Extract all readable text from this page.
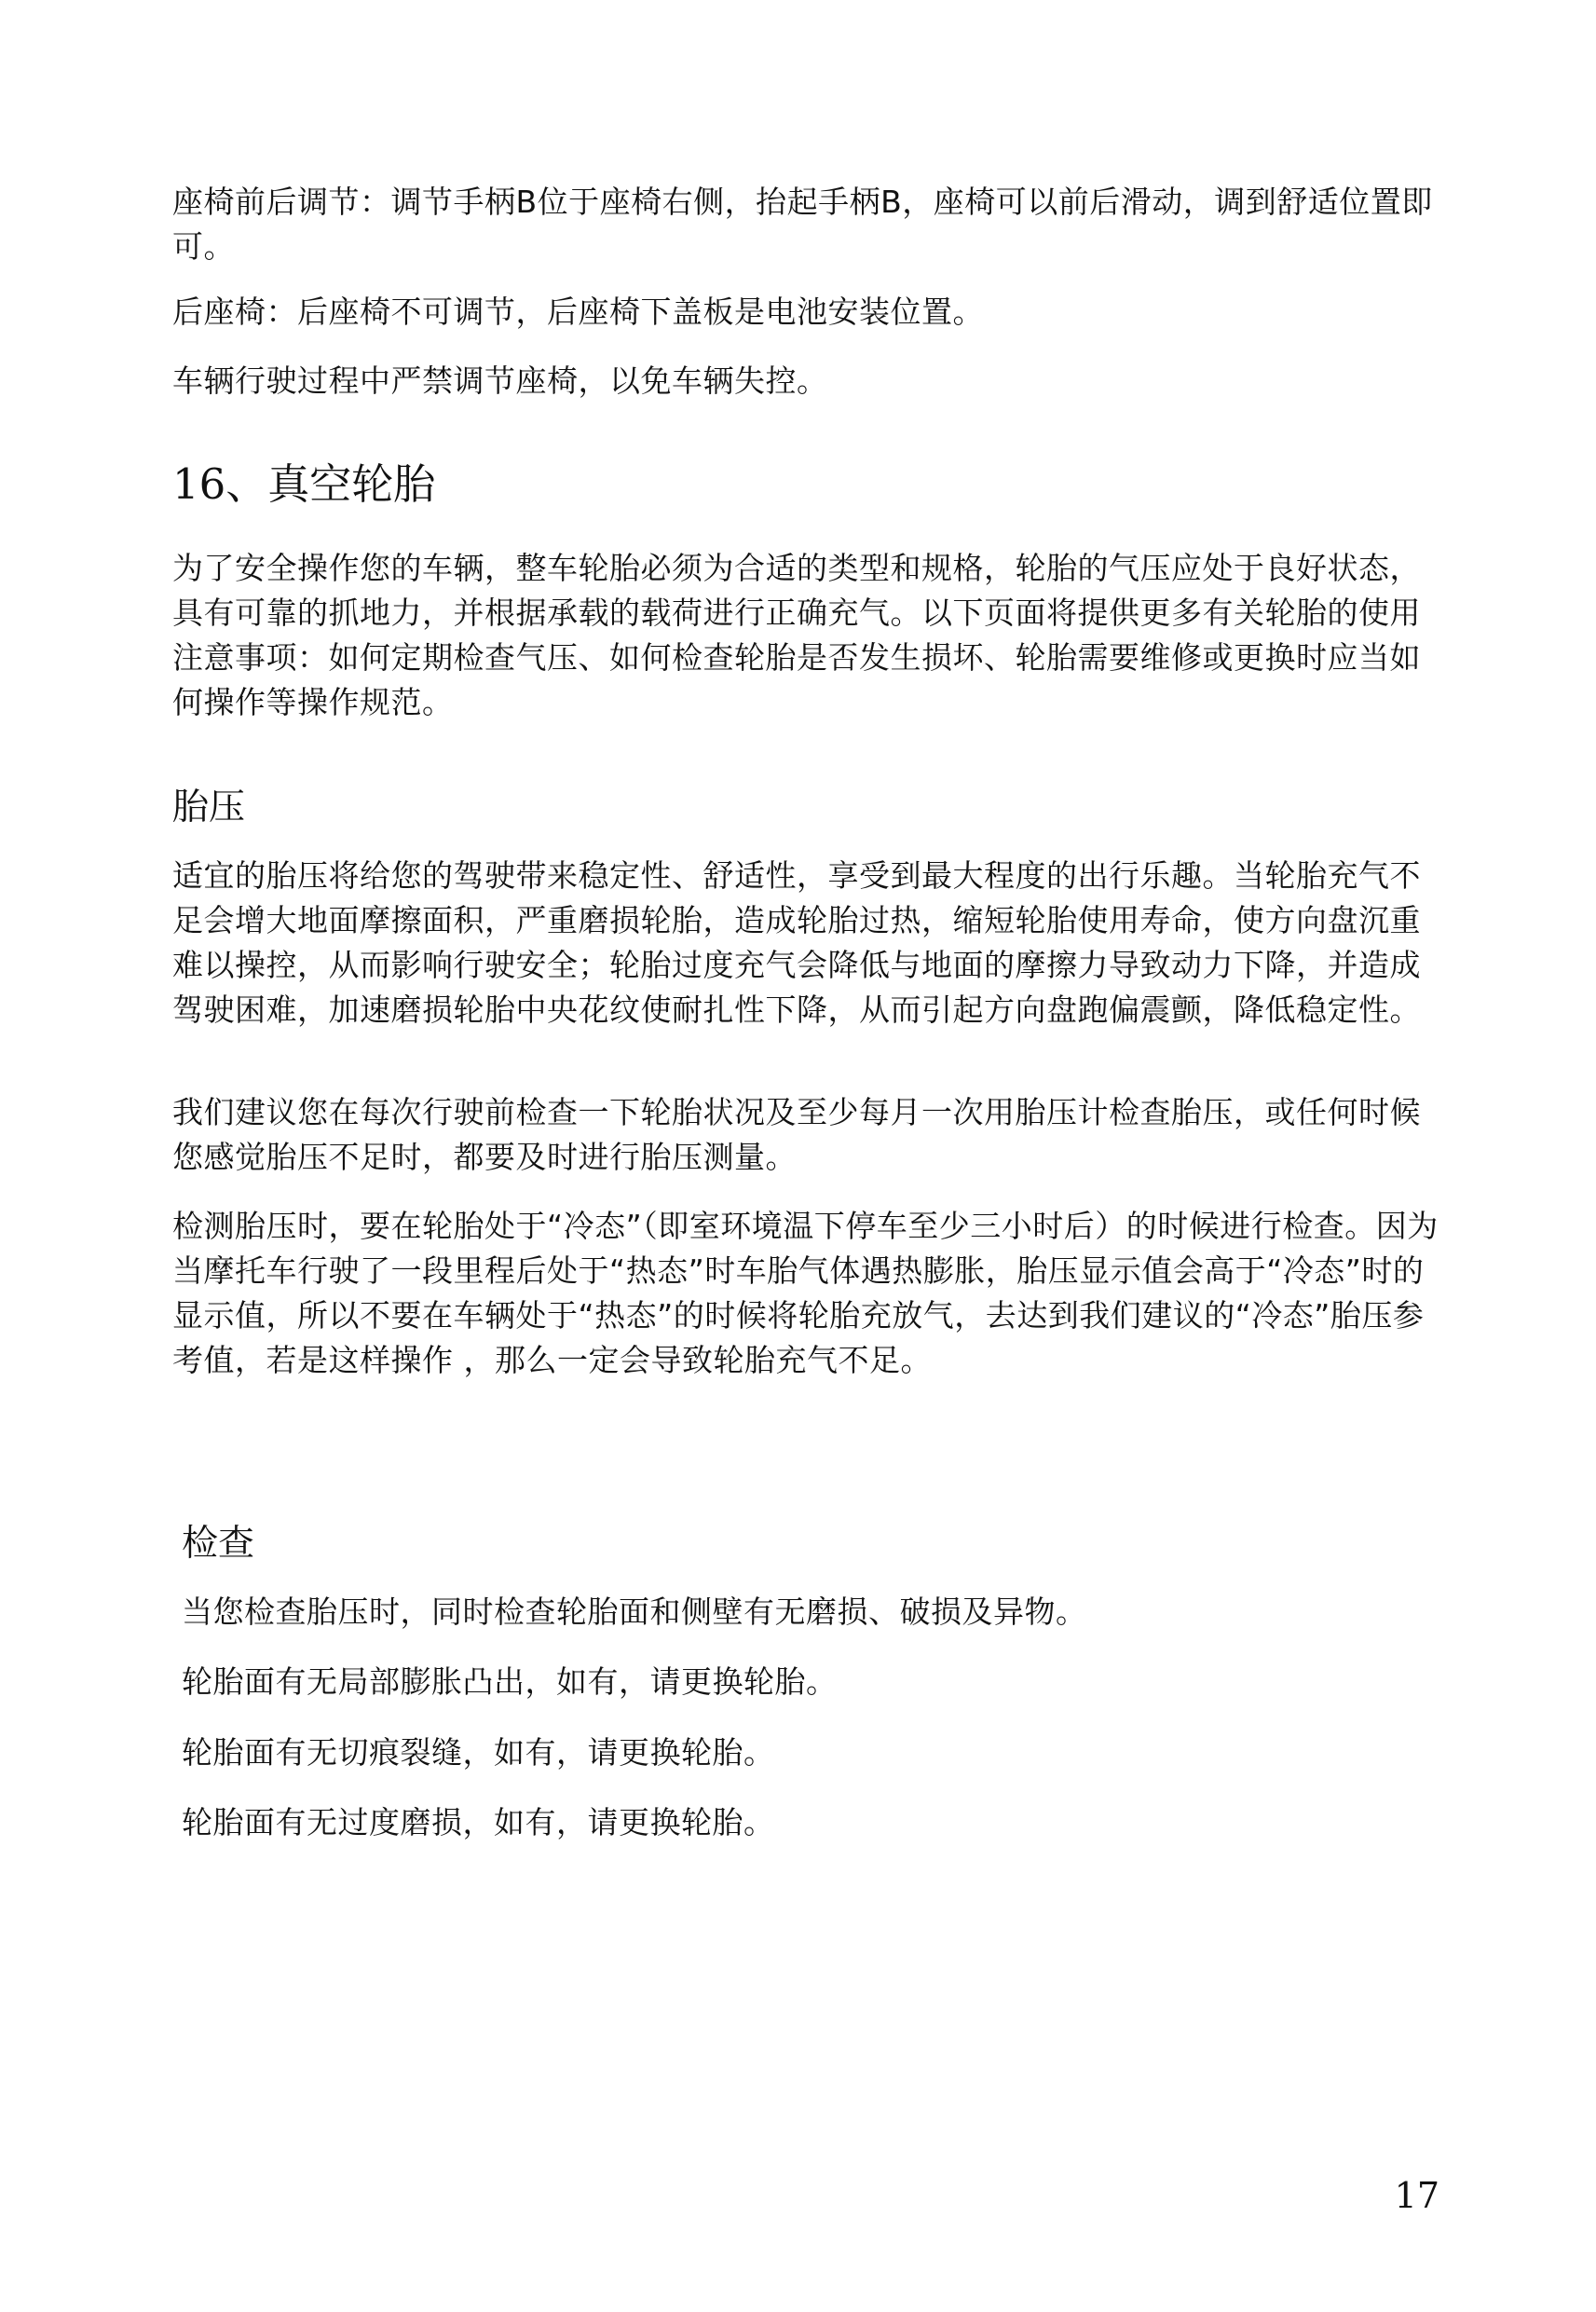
座椅前后调节：调节手柄B位于座椅右侧，抬起手柄B，座椅可以前后滑动，调到舒适位置即可。

后座椅：后座椅不可调节，后座椅下盖板是电池安装位置。

车辆行驶过程中严禁调节座椅，以免车辆失控。

16、真空轮胎

为了安全操作您的车辆，整车轮胎必须为合适的类型和规格，轮胎的气压应处于良好状态，具有可靠的抓地力，并根据承载的载荷进行正确充气。以下页面将提供更多有关轮胎的使用注意事项：如何定期检查气压、如何检查轮胎是否发生损坏、轮胎需要维修或更换时应当如何操作等操作规范。

胎压

适宜的胎压将给您的驾驶带来稳定性、舒适性，享受到最大程度的出行乐趣。当轮胎充气不足会增大地面摩擦面积，严重磨损轮胎，造成轮胎过热，缩短轮胎使用寿命，使方向盘沉重难以操控，从而影响行驶安全；轮胎过度充气会降低与地面的摩擦力导致动力下降，并造成驾驶困难，加速磨损轮胎中央花纹使耐扎性下降，从而引起方向盘跑偏震颤，降低稳定性。

我们建议您在每次行驶前检查一下轮胎状况及至少每月一次用胎压计检查胎压，或任何时候您感觉胎压不足时，都要及时进行胎压测量。

检测胎压时，要在轮胎处于“冷态”（即室环境温下停车至少三小时后）的时候进行检查。因为当摩托车行驶了一段里程后处于“热态”时车胎气体遇热膨胀，胎压显示值会高于“冷态”时的显示值，所以不要在车辆处于“热态”的时候将轮胎充放气，去达到我们建议的“冷态”胎压参考值，若是这样操作 ，那么一定会导致轮胎充气不足。

检查

当您检查胎压时，同时检查轮胎面和侧壁有无磨损、破损及异物。

轮胎面有无局部膨胀凸出，如有，请更换轮胎。

轮胎面有无切痕裂缝，如有，请更换轮胎。

轮胎面有无过度磨损，如有，请更换轮胎。

17
